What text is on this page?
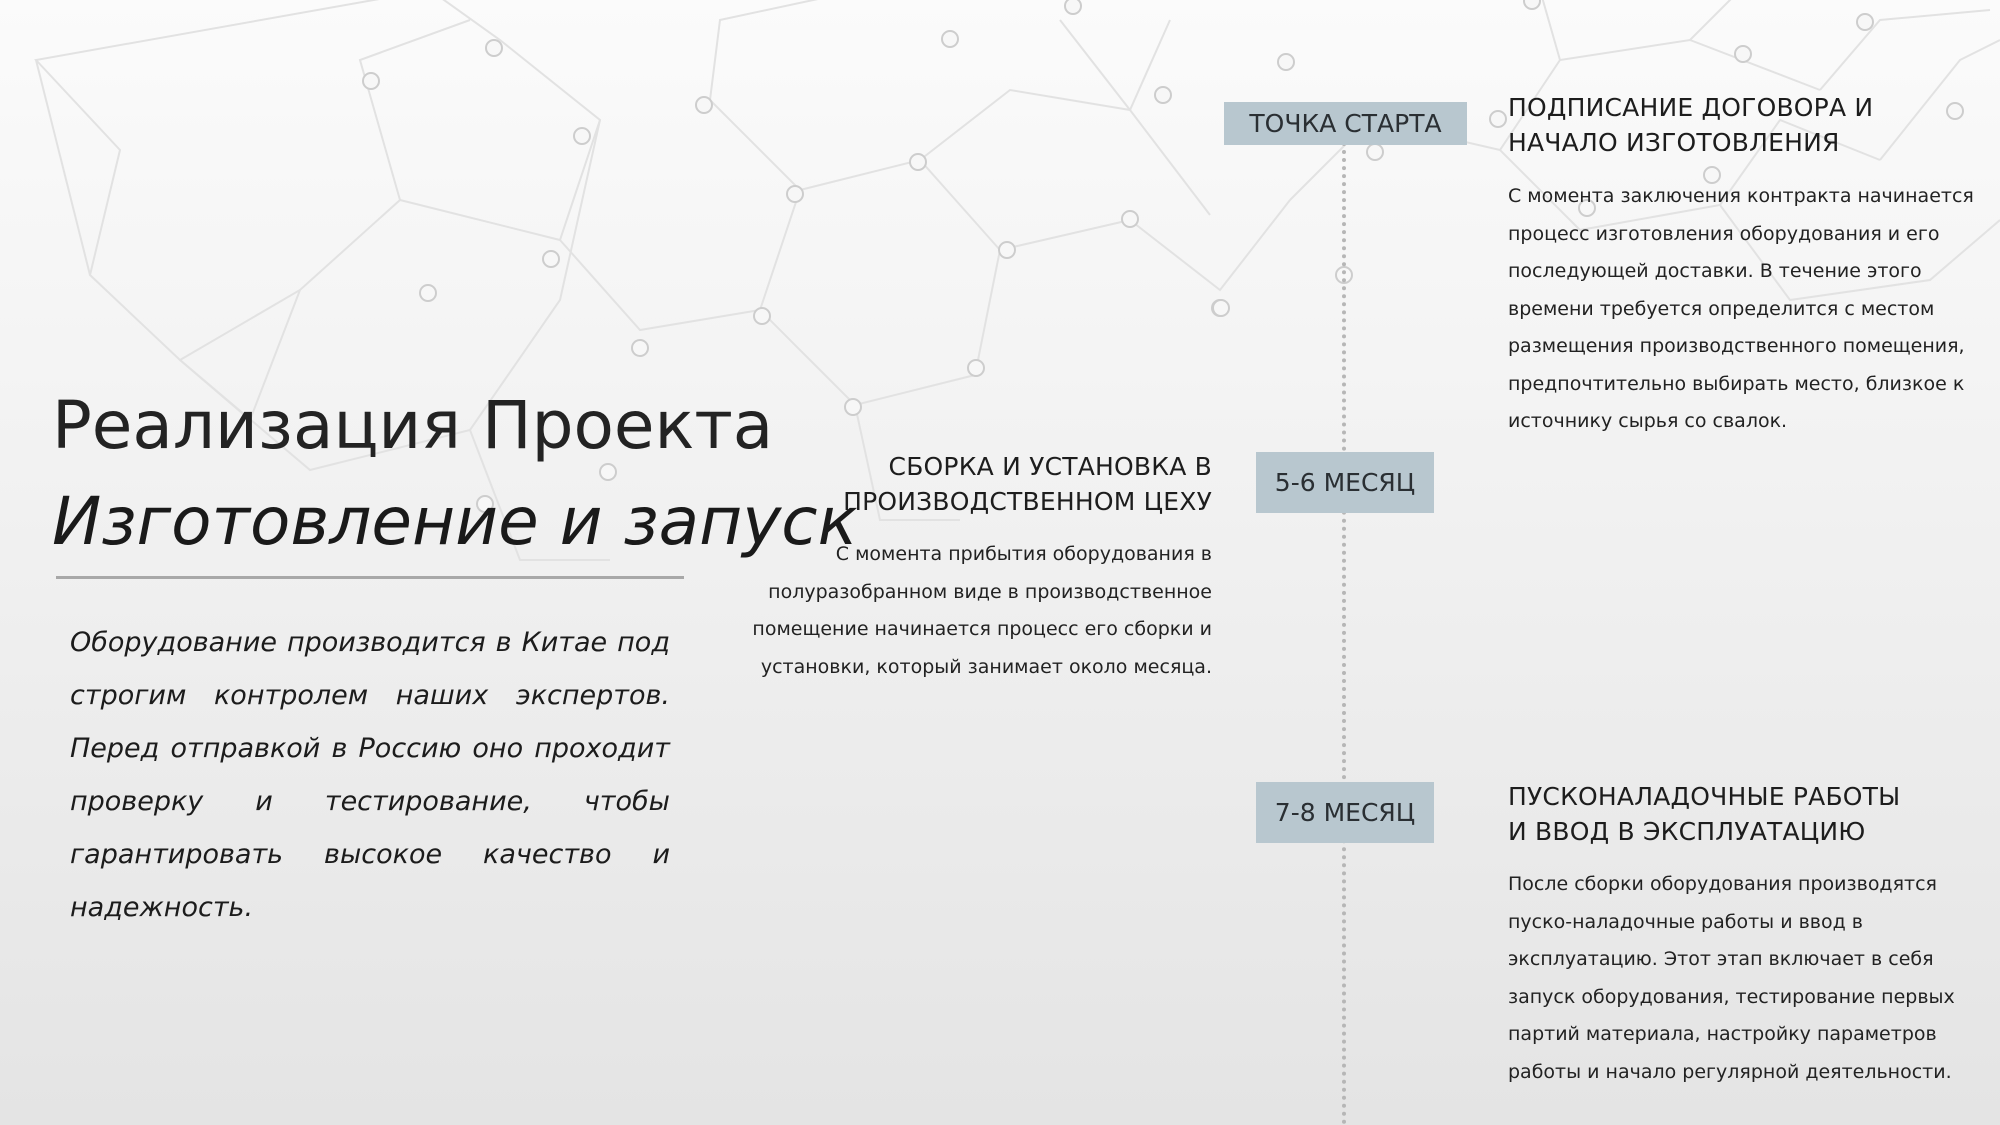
Реализация Проекта
Изготовление и запуск
Оборудование производится в Китае под строгим контролем наших экспертов. Перед отправкой в Россию оно проходит проверку и тестирование, чтобы гарантировать высокое качество и надежность.
ТОЧКА СТАРТА
5-6 МЕСЯЦ
7-8 МЕСЯЦ
ПОДПИСАНИЕ ДОГОВОРА И
НАЧАЛО ИЗГОТОВЛЕНИЯ
С момента заключения контракта начинается процесс изготовления оборудования и его последующей доставки. В течение этого времени требуется определится с местом размещения производственного помещения, предпочтительно выбирать место, близкое к источнику сырья со свалок.
СБОРКА И УСТАНОВКА В
ПРОИЗВОДСТВЕННОМ ЦЕХУ
С момента прибытия оборудования в полуразобранном виде в производственное помещение начинается процесс его сборки и установки, который занимает около месяца.
ПУСКОНАЛАДОЧНЫЕ РАБОТЫ
И ВВОД В ЭКСПЛУАТАЦИЮ
После сборки оборудования производятся пуско-наладочные работы и ввод в эксплуатацию. Этот этап включает в себя запуск оборудования, тестирование первых партий материала, настройку параметров работы и начало регулярной деятельности.
